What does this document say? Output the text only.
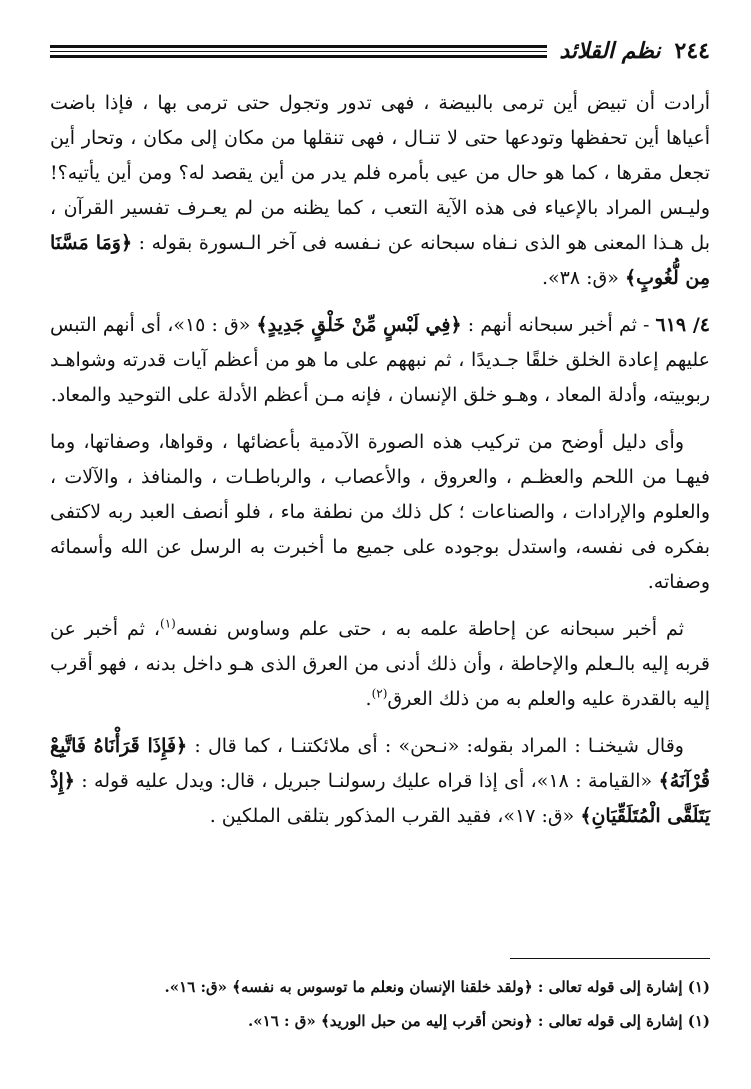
٢٤٤
نظم القلائد

أرادت أن تبيض أين ترمى بالبيضة ، فهى تدور وتجول حتى ترمى بها ، فإذا باضت أعياها أين تحفظها وتودعها حتى لا تنـال ، فهى تنقلها من مكان إلى مكان ، وتحار أين تجعل مقرها ، كما هو حال من عيى بأمره فلم يدر من أين يقصد له؟ ومن أين يأتيه؟! وليـس المراد بالإعياء فى هذه الآية التعب ، كما يظنه من لم يعـرف تفسير القرآن ، بل هـذا المعنى هو الذى نـفاه سبحانه عن نـفسه فى آخر الـسورة بقوله : ﴿وَمَا مَسَّنَا مِن لُّغُوبٍ﴾ «ق: ٣٨».

٤/ ٦١٩ - ثم أخبر سبحانه أنهم : ﴿فِي لَبْسٍ مِّنْ خَلْقٍ جَدِيدٍ﴾ «ق : ١٥»، أى أنهم التبس عليهم إعادة الخلق خلقًا جـديدًا ، ثم نبههم على ما هو من أعظم آيات قدرته وشواهـد ربوبيته، وأدلة المعاد ، وهـو خلق الإنسان ، فإنه مـن أعظم الأدلة على التوحيد والمعاد.

وأى دليل أوضح من تركيب هذه الصورة الآدمية بأعضائها ، وقواها، وصفاتها، وما فيهـا من اللحم والعظـم ، والعروق ، والأعصاب ، والرباطـات ، والمنافذ ، والآلات ، والعلوم والإرادات ، والصناعات ؛ كل ذلك من نطفة ماء ، فلو أنصف العبد ربه لاكتفى بفكره فى نفسه، واستدل بوجوده على جميع ما أخبرت به الرسل عن الله وأسمائه وصفاته.

ثم أخبر سبحانه عن إحاطة علمه به ، حتى علم وساوس نفسه$^{(١)}$، ثم أخبر عن قربه إليه بالـعلم والإحاطة ، وأن ذلك أدنى من العرق الذى هـو داخل بدنه ، فهو أقرب إليه بالقدرة عليه والعلم به من ذلك العرق$^{(٢)}$.

وقال شيخنـا : المراد بقوله: «نـحن» : أى ملائكتنـا ، كما قال : ﴿فَإِذَا قَرَأْنَاهُ فَاتَّبِعْ قُرْآنَهُ﴾ «القيامة : ١٨»، أى إذا قراه عليك رسولنـا جبريل ، قال: ويدل عليه قوله : ﴿إِذْ يَتَلَقَّى الْمُتَلَقِّيَانِ﴾ «ق: ١٧»، فقيد القرب المذكور بتلقى الملكين .

(١) إشارة إلى قوله تعالى : ﴿ولقد خلقنا الإنسان ونعلم ما توسوس به نفسه﴾ «ق: ١٦».

(١) إشارة إلى قوله تعالى : ﴿ونحن أقرب إليه من حبل الوريد﴾ «ق : ١٦».
